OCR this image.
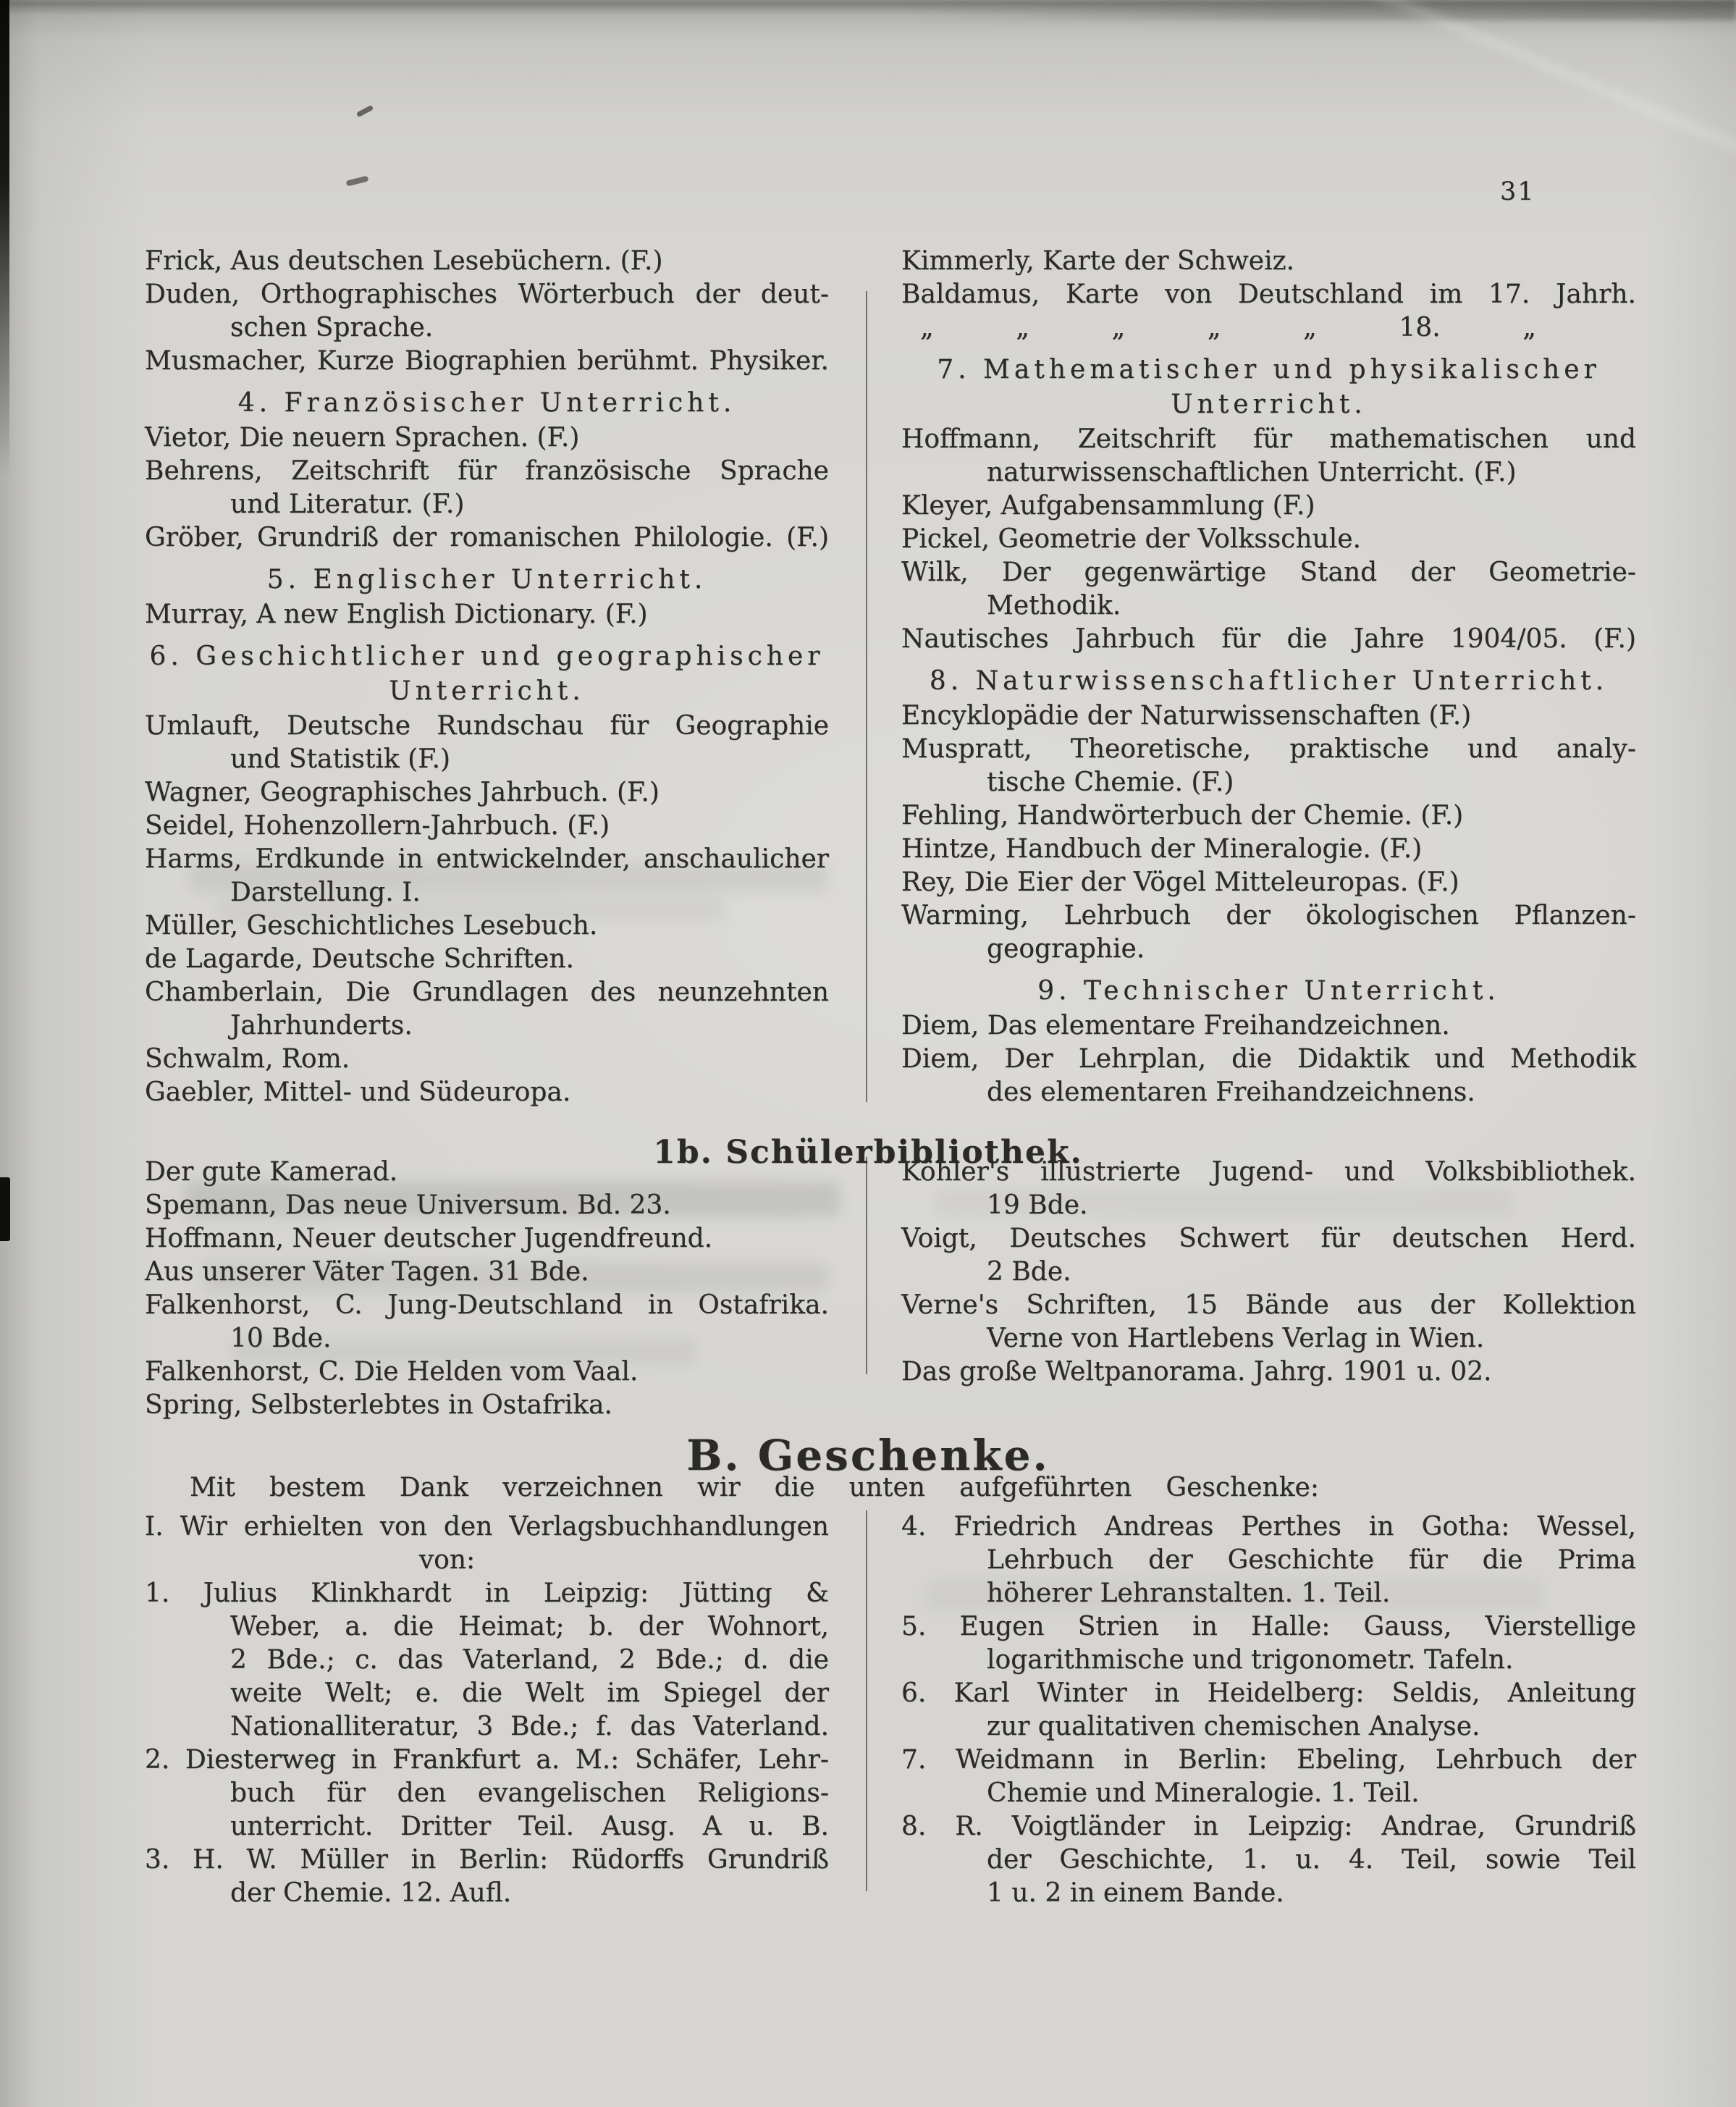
31
Frick, Aus deutschen Lesebüchern. (F.)
Duden, Orthographisches Wörterbuch der deut-
schen Sprache.
Musmacher, Kurze Biographien berühmt. Physiker.
4. Französischer Unterricht.
Vietor, Die neuern Sprachen. (F.)
Behrens, Zeitschrift für französische Sprache
und Literatur. (F.)
Gröber, Grundriß der romanischen Philologie. (F.)
5. Englischer Unterricht.
Murray, A new English Dictionary. (F.)
6. Geschichtlicher und geographischer
Unterricht.
Umlauft, Deutsche Rundschau für Geographie
und Statistik (F.)
Wagner, Geographisches Jahrbuch. (F.)
Seidel, Hohenzollern-Jahrbuch. (F.)
Harms, Erdkunde in entwickelnder, anschaulicher
Darstellung. I.
Müller, Geschichtliches Lesebuch.
de Lagarde, Deutsche Schriften.
Chamberlain, Die Grundlagen des neunzehnten
Jahrhunderts.
Schwalm, Rom.
Gaebler, Mittel- und Südeuropa.
Kimmerly, Karte der Schweiz.
Baldamus, Karte von Deutschland im 17. Jahrh.
„	„	„	„	„	18.	„
7. Mathematischer und physikalischer
Unterricht.
Hoffmann, Zeitschrift für mathematischen und
naturwissenschaftlichen Unterricht. (F.)
Kleyer, Aufgabensammlung (F.)
Pickel, Geometrie der Volksschule.
Wilk, Der gegenwärtige Stand der Geometrie-
Methodik.
Nautisches Jahrbuch für die Jahre 1904/05. (F.)
8. Naturwissenschaftlicher Unterricht.
Encyklopädie der Naturwissenschaften (F.)
Muspratt, Theoretische, praktische und analy-
tische Chemie. (F.)
Fehling, Handwörterbuch der Chemie. (F.)
Hintze, Handbuch der Mineralogie. (F.)
Rey, Die Eier der Vögel Mitteleuropas. (F.)
Warming, Lehrbuch der ökologischen Pflanzen-
geographie.
9. Technischer Unterricht.
Diem, Das elementare Freihandzeichnen.
Diem, Der Lehrplan, die Didaktik und Methodik
des elementaren Freihandzeichnens.
1b. Schülerbibliothek.
Der gute Kamerad.
Spemann, Das neue Universum. Bd. 23.
Hoffmann, Neuer deutscher Jugendfreund.
Aus unserer Väter Tagen. 31 Bde.
Falkenhorst, C. Jung-Deutschland in Ostafrika.
10 Bde.
Falkenhorst, C. Die Helden vom Vaal.
Spring, Selbsterlebtes in Ostafrika.
Köhler's illustrierte Jugend- und Volksbibliothek.
19 Bde.
Voigt, Deutsches Schwert für deutschen Herd.
2 Bde.
Verne's Schriften, 15 Bände aus der Kollektion
Verne von Hartlebens Verlag in Wien.
Das große Weltpanorama. Jahrg. 1901 u. 02.
B. Geschenke.
Mit bestem Dank verzeichnen wir die unten aufgeführten Geschenke:
I. Wir erhielten von den Verlagsbuchhandlungen
von:
1. Julius Klinkhardt in Leipzig: Jütting &
Weber, a. die Heimat; b. der Wohnort,
2 Bde.; c. das Vaterland, 2 Bde.; d. die
weite Welt; e. die Welt im Spiegel der
Nationalliteratur, 3 Bde.; f. das Vaterland.
2. Diesterweg in Frankfurt a. M.: Schäfer, Lehr-
buch für den evangelischen Religions-
unterricht. Dritter Teil. Ausg. A u. B.
3. H. W. Müller in Berlin: Rüdorffs Grundriß
der Chemie. 12. Aufl.
4. Friedrich Andreas Perthes in Gotha: Wessel,
Lehrbuch der Geschichte für die Prima
höherer Lehranstalten. 1. Teil.
5. Eugen Strien in Halle: Gauss, Vierstellige
logarithmische und trigonometr. Tafeln.
6. Karl Winter in Heidelberg: Seldis, Anleitung
zur qualitativen chemischen Analyse.
7. Weidmann in Berlin: Ebeling, Lehrbuch der
Chemie und Mineralogie. 1. Teil.
8. R. Voigtländer in Leipzig: Andrae, Grundriß
der Geschichte, 1. u. 4. Teil, sowie Teil
1 u. 2 in einem Bande.
